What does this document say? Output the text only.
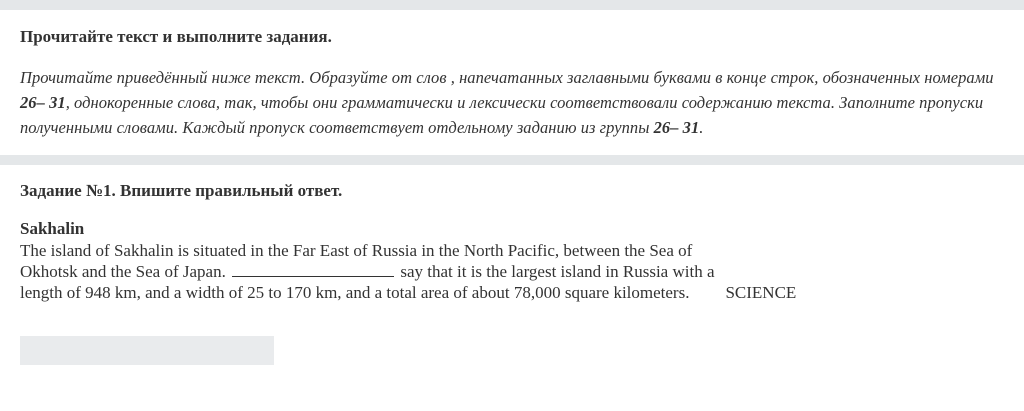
Прочитайте текст и выполните задания.

Прочитайте приведённый ниже текст. Образуйте от слов , напечатанных заглавными буквами в конце строк, обозначенных номерами 26– 31, однокоренные слова, так, чтобы они грамматически и лексически соответствовали содержанию текста. Заполните пропуски полученными словами. Каждый пропуск соответствует отдельному заданию из группы 26– 31.

Задание №1. Впишите правильный ответ.

Sakhalin
The island of Sakhalin is situated in the Far East of Russia in the North Pacific, between the Sea of
Okhotsk and the Sea of Japan.	say that it is the largest island in Russia with a
length of 948 km, and a width of 25 to 170 km, and a total area of about 78,000 square kilometers. SCIENCE
